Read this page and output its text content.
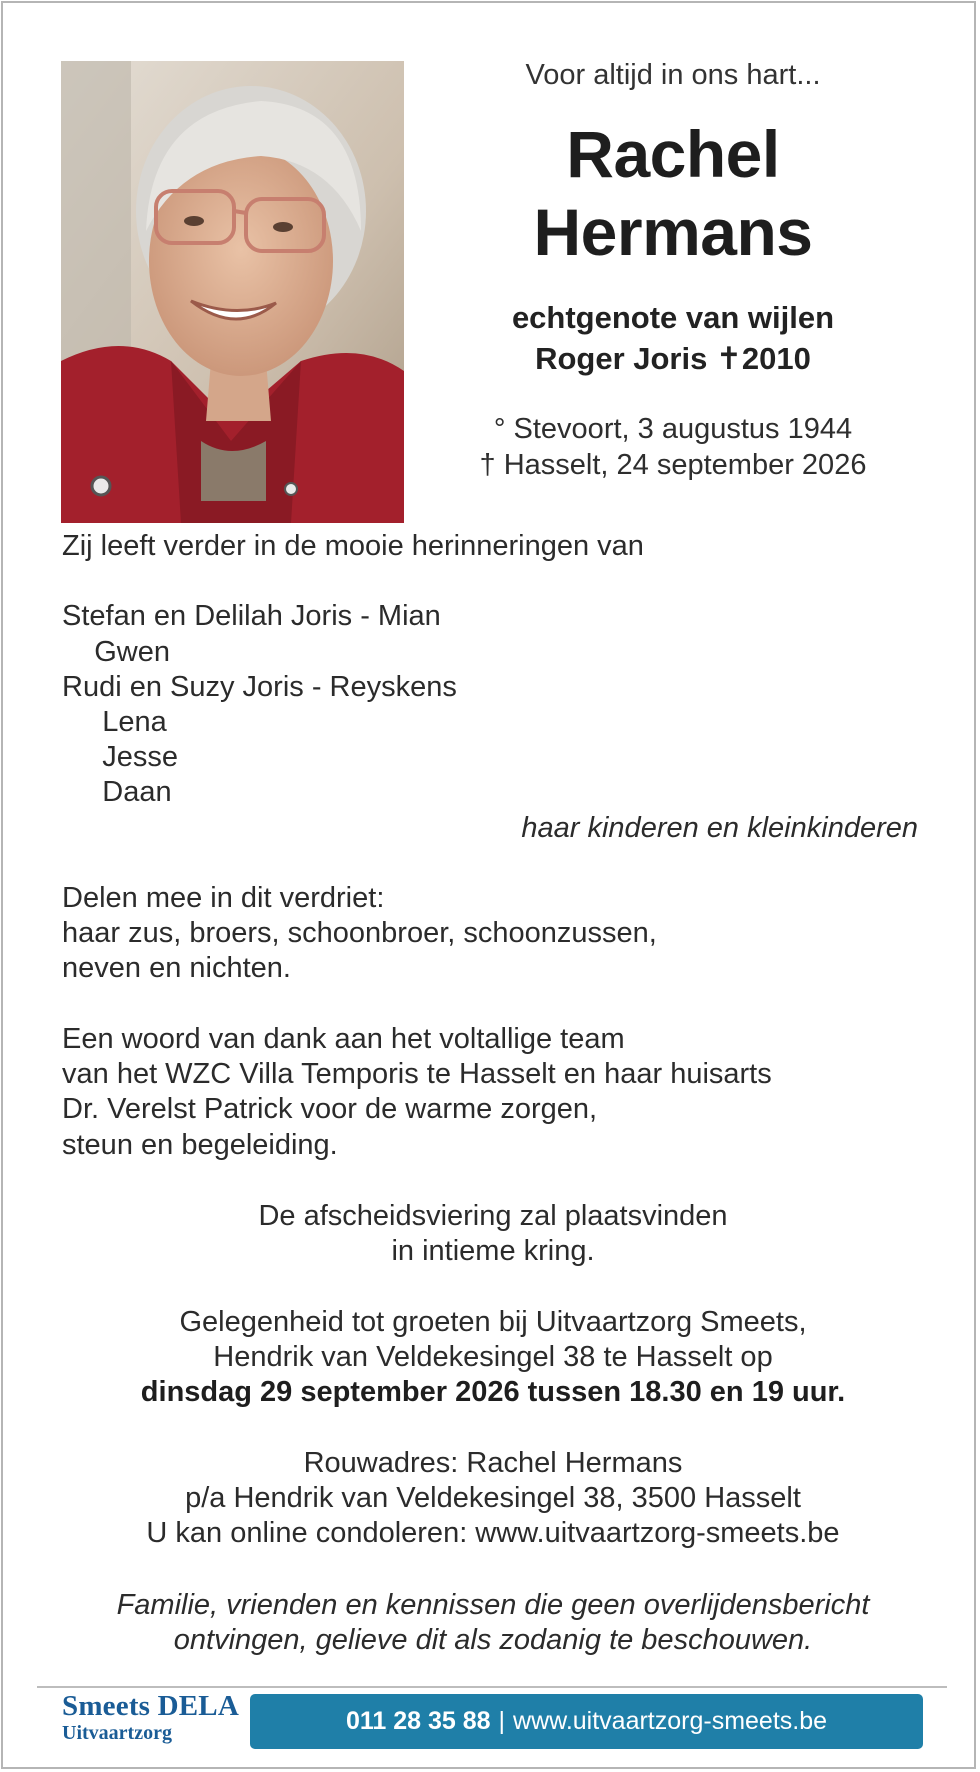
Voor altijd in ons hart...

Rachel
Hermans
echtgenote van wijlen
Roger Joris ✝2010
° Stevoort, 3 augustus 1944
† Hasselt, 24 september 2026

Zij leeft verder in de mooie herinneringen van

Stefan en Delilah Joris - Mian

Gwen

Rudi en Suzy Joris - Reyskens

Lena

Jesse

Daan

haar kinderen en kleinkinderen

Delen mee in dit verdriet:

haar zus, broers, schoonbroer, schoonzussen,

neven en nichten.

Een woord van dank aan het voltallige team

van het WZC Villa Temporis te Hasselt en haar huisarts

Dr. Verelst Patrick voor de warme zorgen,

steun en begeleiding.

De afscheidsviering zal plaatsvinden

in intieme kring.

Gelegenheid tot groeten bij Uitvaartzorg Smeets,

Hendrik van Veldekesingel 38 te Hasselt op

dinsdag 29 september 2026 tussen 18.30 en 19 uur.

Rouwadres: Rachel Hermans

p/a Hendrik van Veldekesingel 38, 3500 Hasselt

U kan online condoleren: www.uitvaartzorg-smeets.be

Familie, vrienden en kennissen die geen overlijdensbericht

ontvingen, gelieve dit als zodanig te beschouwen.

Smeets DELA
Uitvaartzorg	011 28 35 88 | www.uitvaartzorg-smeets.be
